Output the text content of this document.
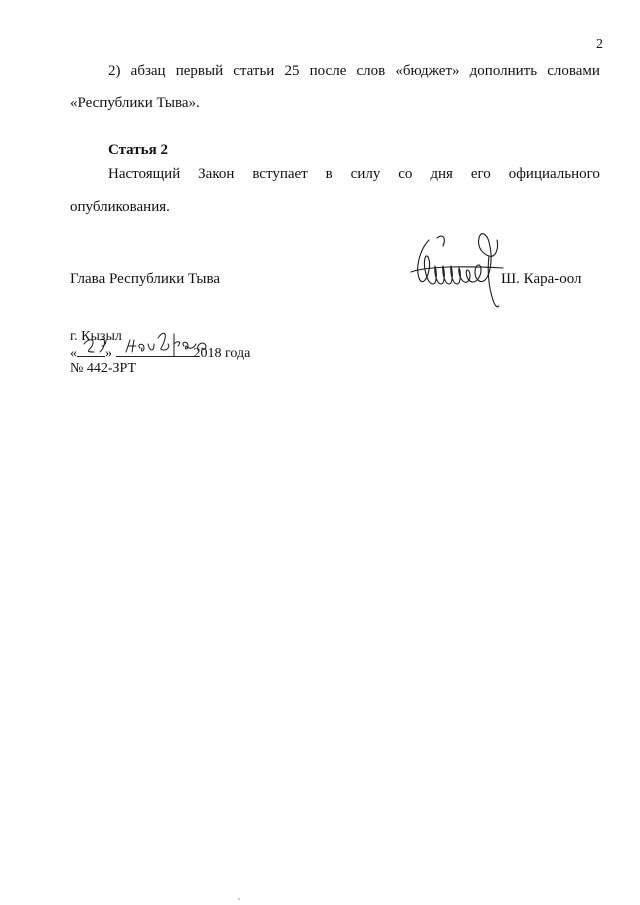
2
2) абзац первый статьи 25 после слов «бюджет» дополнить словами
«Республики Тыва».
Статья 2
Настоящий Закон вступает в силу со дня его официального
опубликования.
Глава Республики Тыва	Ш. Кара-оол
г. Кызыл
« »	2018 года
№ 442-ЗРТ
